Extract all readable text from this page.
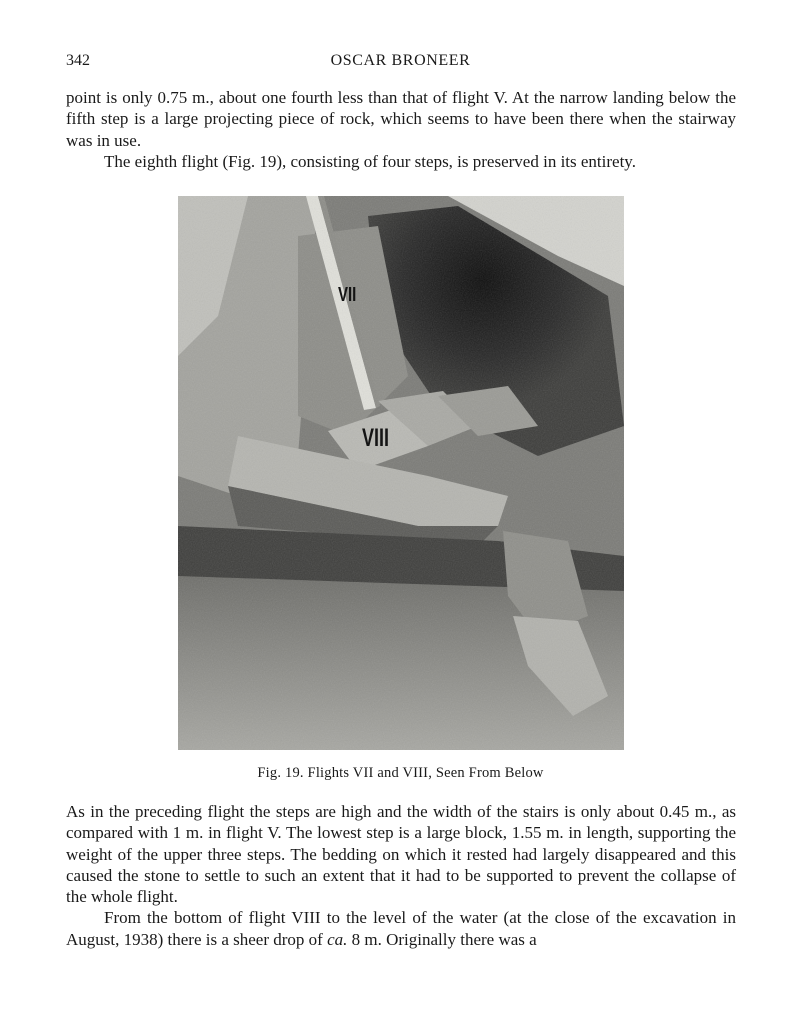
342	OSCAR BRONEER

point is only 0.75 m., about one fourth less than that of flight V. At the narrow landing below the fifth step is a large projecting piece of rock, which seems to have been there when the stairway was in use.

The eighth flight (Fig. 19), consisting of four steps, is preserved in its entirety.

VII
VIII
Fig. 19. Flights VII and VIII, Seen From Below

As in the preceding flight the steps are high and the width of the stairs is only about 0.45 m., as compared with 1 m. in flight V. The lowest step is a large block, 1.55 m. in length, supporting the weight of the upper three steps. The bedding on which it rested had largely disappeared and this caused the stone to settle to such an extent that it had to be supported to prevent the collapse of the whole flight.

From the bottom of flight VIII to the level of the water (at the close of the excavation in August, 1938) there is a sheer drop of ca. 8 m. Originally there was a
